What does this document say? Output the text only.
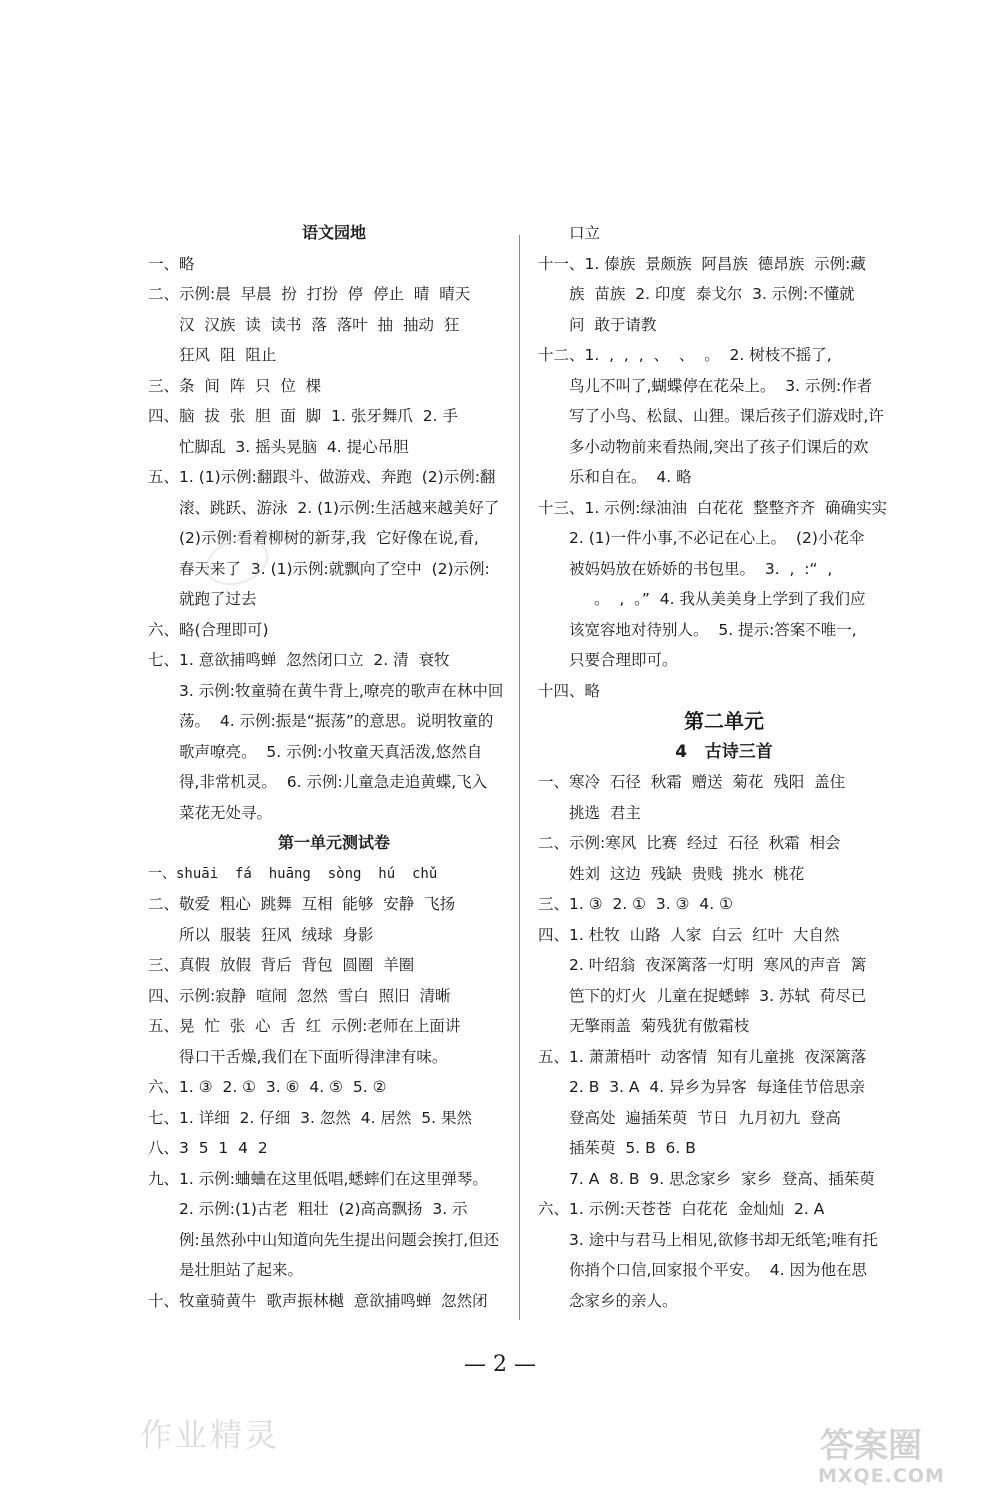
语文园地
一、略
二、示例:晨  早晨  扮  打扮  停  停止  晴  晴天
汉  汉族  读  读书  落  落叶  抽  抽动  狂
狂风  阻  阻止
三、条  间  阵  只  位  棵
四、脑  拔  张  胆  面  脚  1. 张牙舞爪  2. 手
忙脚乱  3. 摇头晃脑  4. 提心吊胆
五、1. (1)示例:翻跟斗、做游戏、奔跑  (2)示例:翻
滚、跳跃、游泳  2. (1)示例:生活越来越美好了
(2)示例:看着柳树的新芽,我  它好像在说,看,
春天来了  3. (1)示例:就飘向了空中  (2)示例:
就跑了过去
六、略(合理即可)
七、1. 意欲捕鸣蝉  忽然闭口立  2. 清  衰牧
3. 示例:牧童骑在黄牛背上,嘹亮的歌声在林中回
荡。  4. 示例:振是“振荡”的意思。说明牧童的
歌声嘹亮。  5. 示例:小牧童天真活泼,悠然自
得,非常机灵。  6. 示例:儿童急走追黄蝶,飞入
菜花无处寻。
第一单元测试卷
一、shuāi  fá  huāng  sòng  hú  chǔ
二、敬爱  粗心  跳舞  互相  能够  安静  飞扬
所以  服装  狂风  绒球  身影
三、真假  放假  背后  背包  圆圈  羊圈
四、示例:寂静  喧闹  忽然  雪白  照旧  清晰
五、晃  忙  张  心  舌  红  示例:老师在上面讲
得口干舌燥,我们在下面听得津津有味。
六、1. ③  2. ①  3. ⑥  4. ⑤  5. ②
七、1. 详细  2. 仔细  3. 忽然  4. 居然  5. 果然
八、3  5  1  4  2
九、1. 示例:蛐蛐在这里低唱,蟋蟀们在这里弹琴。
2. 示例:(1)古老  粗壮  (2)高高飘扬  3. 示
例:虽然孙中山知道向先生提出问题会挨打,但还
是壮胆站了起来。
十、牧童骑黄牛  歌声振林樾  意欲捕鸣蝉  忽然闭
口立
十一、1. 傣族  景颇族  阿昌族  德昂族  示例:藏
族  苗族  2. 印度  泰戈尔  3. 示例:不懂就
问  敢于请教
十二、1.  ,  ,  ,  、  、  。  2. 树枝不摇了,
鸟儿不叫了,蝴蝶停在花朵上。  3. 示例:作者
写了小鸟、松鼠、山狸。课后孩子们游戏时,许
多小动物前来看热闹,突出了孩子们课后的欢
乐和自在。  4. 略
十三、1. 示例:绿油油  白花花  整整齐齐  确确实实
2. (1)一件小事,不必记在心上。  (2)小花伞
被妈妈放在娇娇的书包里。  3.  ,  :“  ,
。  ,  。”  4. 我从美美身上学到了我们应
该宽容地对待别人。  5. 提示:答案不唯一,
只要合理即可。
十四、略
第二单元
4   古诗三首
一、寒冷  石径  秋霜  赠送  菊花  残阳  盖住
挑选  君主
二、示例:寒风  比赛  经过  石径  秋霜  相会
姓刘  这边  残缺  贵贱  挑水  桃花
三、1. ③  2. ①  3. ③  4. ①
四、1. 杜牧  山路  人家  白云  红叶  大自然
2. 叶绍翁  夜深篱落一灯明  寒风的声音  篱
笆下的灯火  儿童在捉蟋蟀  3. 苏轼  荷尽已
无擎雨盖  菊残犹有傲霜枝
五、1. 萧萧梧叶  动客情  知有儿童挑  夜深篱落
2. B  3. A  4. 异乡为异客  每逢佳节倍思亲
登高处  遍插茱萸  节日  九月初九  登高
插茱萸  5. B  6. B
7. A  8. B  9. 思念家乡  家乡  登高、插茱萸
六、1. 示例:天苍苍  白花花  金灿灿  2. A
3. 途中与君马上相见,欲修书却无纸笔;唯有托
你捎个口信,回家报个平安。  4. 因为他在思
念家乡的亲人。
— 2 —
作业精灵	答案圈
MXQE.COM
